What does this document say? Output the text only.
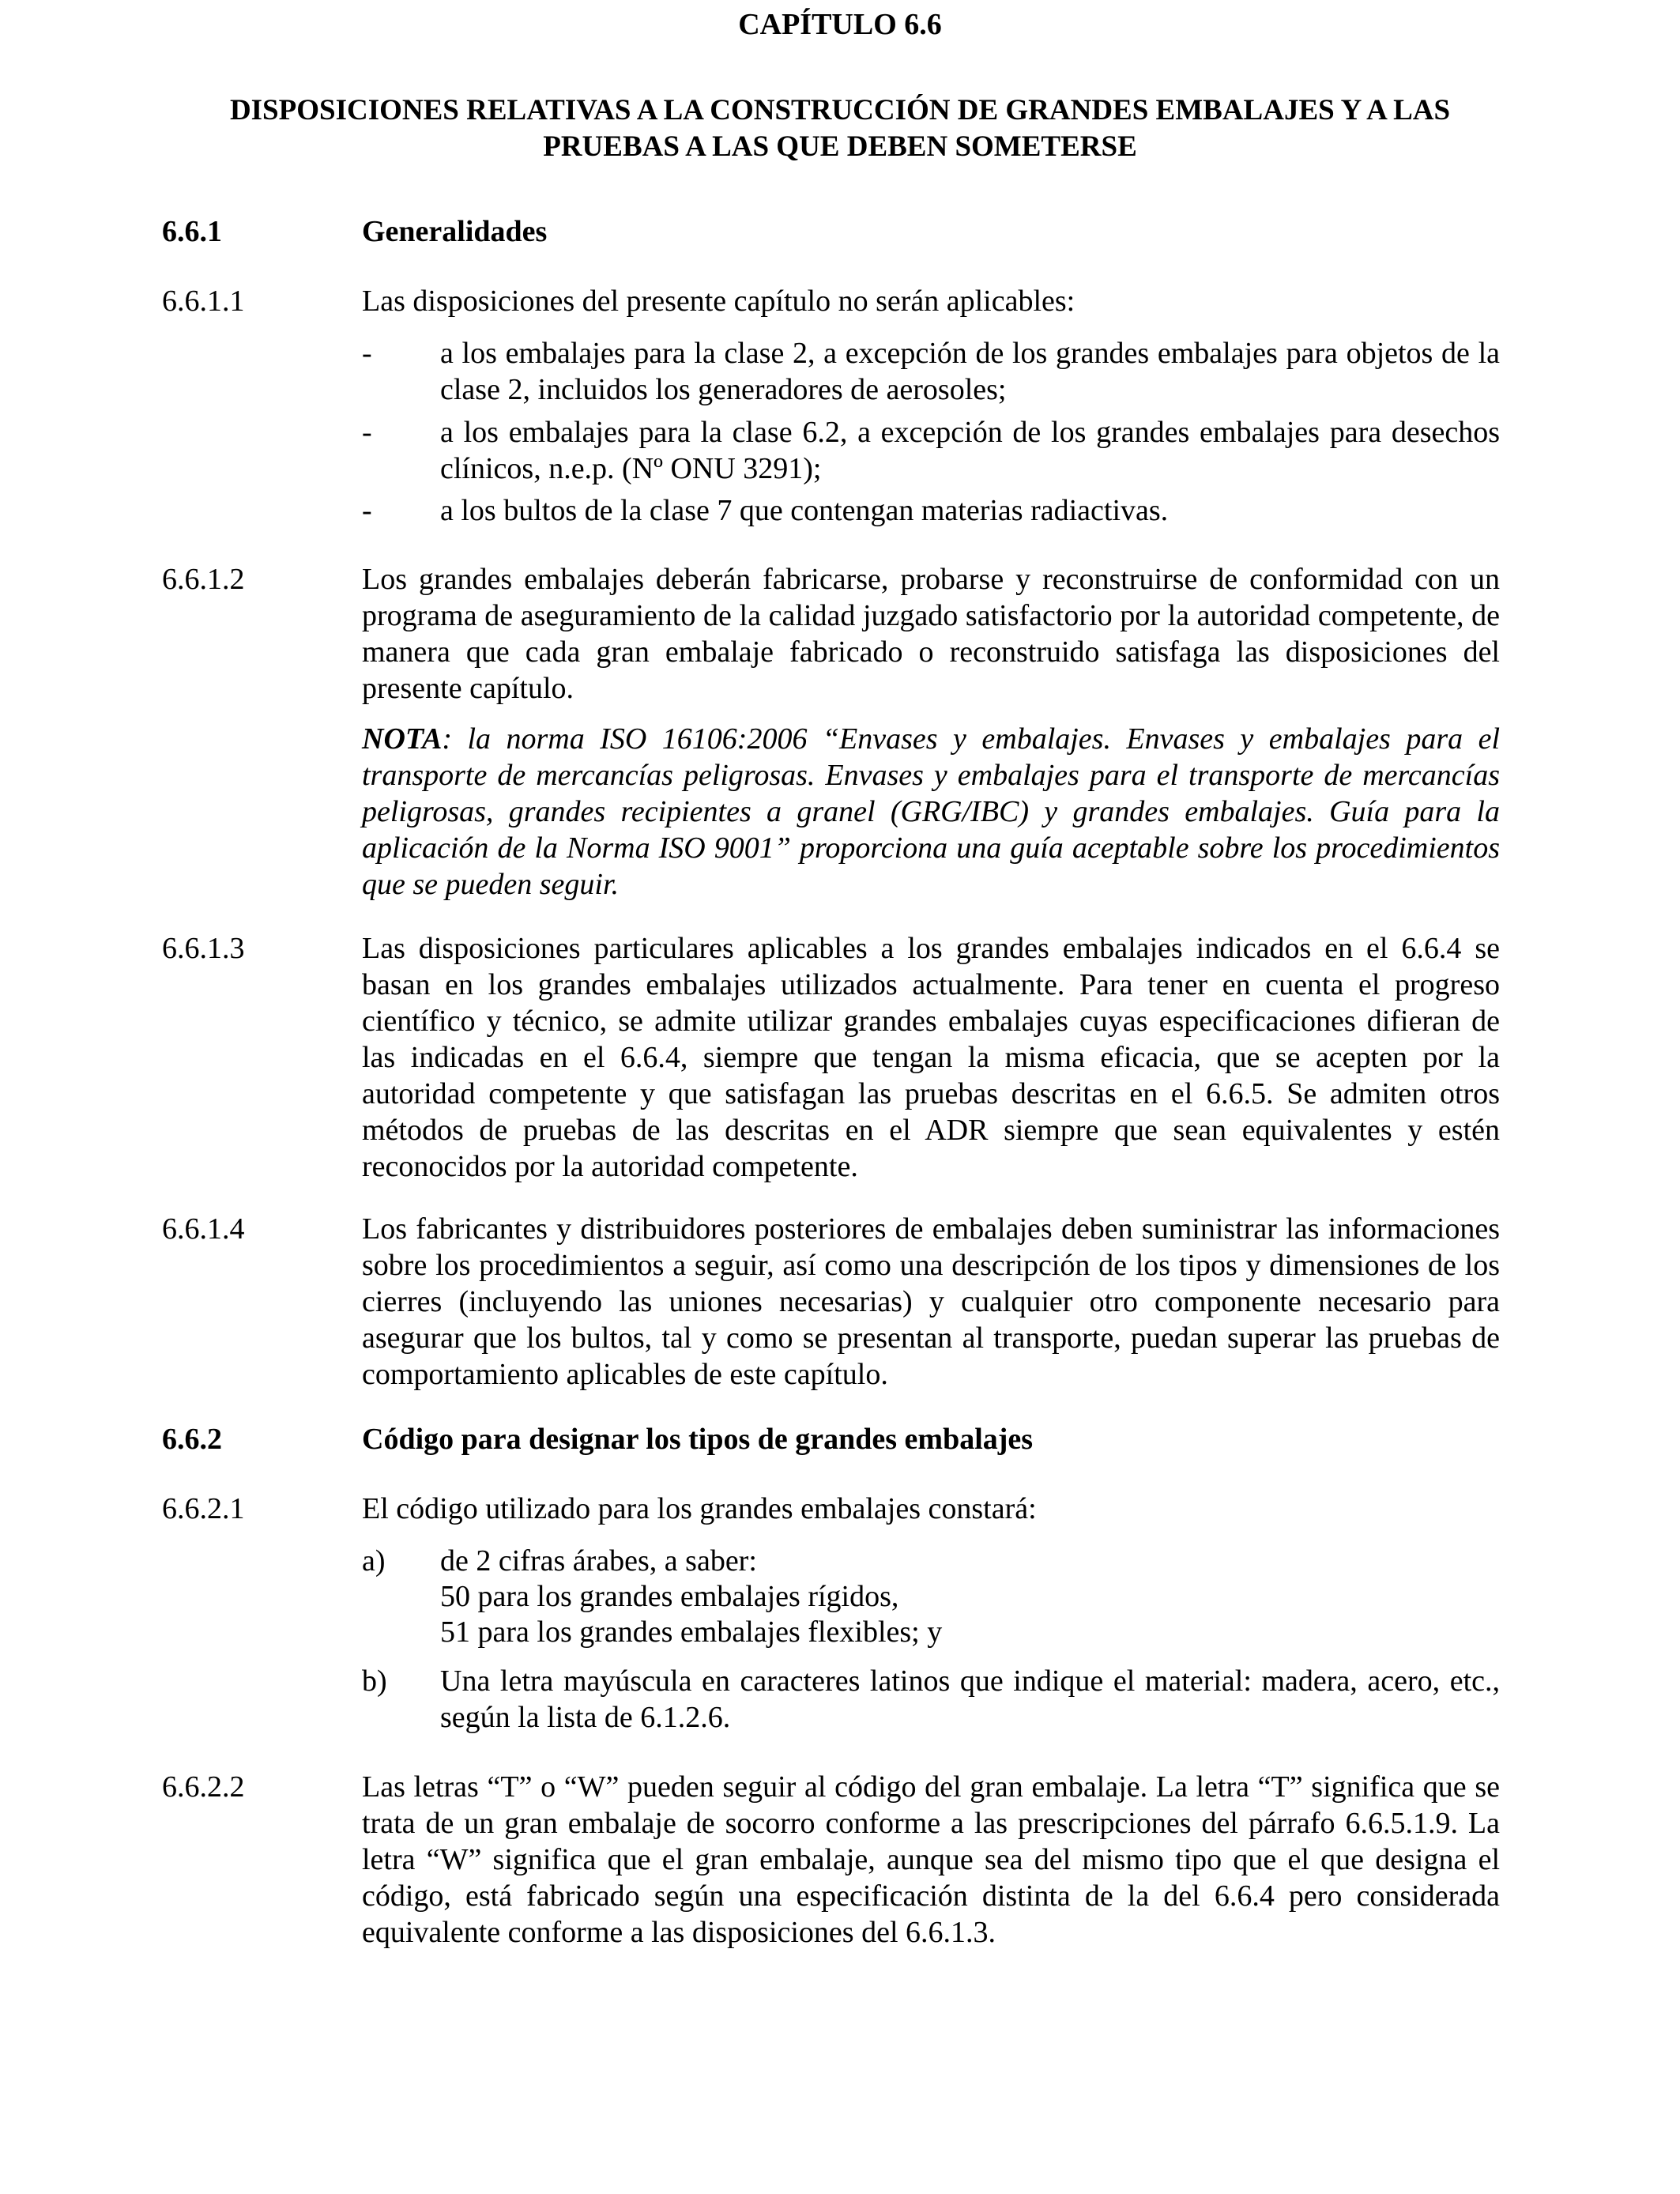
CAPÍTULO 6.6
DISPOSICIONES RELATIVAS A LA CONSTRUCCIÓN DE GRANDES EMBALAJES Y A LAS PRUEBAS A LAS QUE DEBEN SOMETERSE
6.6.1	Generalidades
6.6.1.1	Las disposiciones del presente capítulo no serán aplicables:
-	a los embalajes para la clase 2, a excepción de los grandes embalajes para objetos de la clase 2, incluidos los generadores de aerosoles;
-	a los embalajes para la clase 6.2, a excepción de los grandes embalajes para desechos clínicos, n.e.p. (Nº ONU 3291);
-	a los bultos de la clase 7 que contengan materias radiactivas.
6.6.1.2	Los grandes embalajes deberán fabricarse, probarse y reconstruirse de conformidad con un programa de aseguramiento de la calidad juzgado satisfactorio por la autoridad competente, de manera que cada gran embalaje fabricado o reconstruido satisfaga las disposiciones del presente capítulo.
NOTA: la norma ISO 16106:2006 “Envases y embalajes. Envases y embalajes para el transporte de mercancías peligrosas. Envases y embalajes para el transporte de mercancías peligrosas, grandes recipientes a granel (GRG/IBC) y grandes embalajes. Guía para la aplicación de la Norma ISO 9001” proporciona una guía aceptable sobre los procedimientos que se pueden seguir.
6.6.1.3	Las disposiciones particulares aplicables a los grandes embalajes indicados en el 6.6.4 se basan en los grandes embalajes utilizados actualmente. Para tener en cuenta el progreso científico y técnico, se admite utilizar grandes embalajes cuyas especificaciones difieran de las indicadas en el 6.6.4, siempre que tengan la misma eficacia, que se acepten por la autoridad competente y que satisfagan las pruebas descritas en el 6.6.5. Se admiten otros métodos de pruebas de las descritas en el ADR siempre que sean equivalentes y estén reconocidos por la autoridad competente.
6.6.1.4	Los fabricantes y distribuidores posteriores de embalajes deben suministrar las informaciones sobre los procedimientos a seguir, así como una descripción de los tipos y dimensiones de los cierres (incluyendo las uniones necesarias) y cualquier otro componente necesario para asegurar que los bultos, tal y como se presentan al transporte, puedan superar las pruebas de comportamiento aplicables de este capítulo.
6.6.2	Código para designar los tipos de grandes embalajes
6.6.2.1	El código utilizado para los grandes embalajes constará:
a) de 2 cifras árabes, a saber:
50 para los grandes embalajes rígidos,
51 para los grandes embalajes flexibles; y
b) Una letra mayúscula en caracteres latinos que indique el material: madera, acero, etc., según la lista de 6.1.2.6.
6.6.2.2	Las letras “T” o “W” pueden seguir al código del gran embalaje. La letra “T” significa que se trata de un gran embalaje de socorro conforme a las prescripciones del párrafo 6.6.5.1.9. La letra “W” significa que el gran embalaje, aunque sea del mismo tipo que el que designa el código, está fabricado según una especificación distinta de la del 6.6.4 pero considerada equivalente conforme a las disposiciones del 6.6.1.3.
